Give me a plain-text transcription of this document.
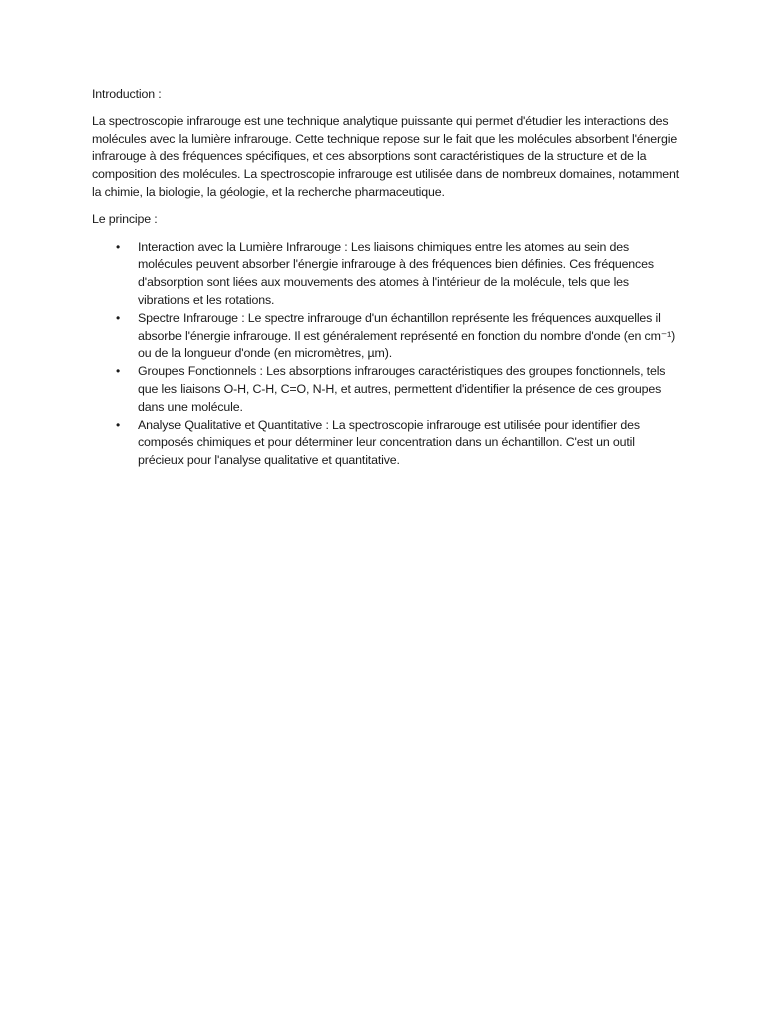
Introduction :

La spectroscopie infrarouge est une technique analytique puissante qui permet d'étudier les interactions des molécules avec la lumière infrarouge. Cette technique repose sur le fait que les molécules absorbent l'énergie infrarouge à des fréquences spécifiques, et ces absorptions sont caractéristiques de la structure et de la composition des molécules. La spectroscopie infrarouge est utilisée dans de nombreux domaines, notamment la chimie, la biologie, la géologie, et la recherche pharmaceutique.

Le principe :

• Interaction avec la Lumière Infrarouge : Les liaisons chimiques entre les atomes au sein des molécules peuvent absorber l'énergie infrarouge à des fréquences bien définies. Ces fréquences d'absorption sont liées aux mouvements des atomes à l'intérieur de la molécule, tels que les vibrations et les rotations.
• Spectre Infrarouge : Le spectre infrarouge d'un échantillon représente les fréquences auxquelles il absorbe l'énergie infrarouge. Il est généralement représenté en fonction du nombre d'onde (en cm⁻¹) ou de la longueur d'onde (en micromètres, µm).
• Groupes Fonctionnels : Les absorptions infrarouges caractéristiques des groupes fonctionnels, tels que les liaisons O-H, C-H, C=O, N-H, et autres, permettent d'identifier la présence de ces groupes dans une molécule.
• Analyse Qualitative et Quantitative : La spectroscopie infrarouge est utilisée pour identifier des composés chimiques et pour déterminer leur concentration dans un échantillon. C'est un outil précieux pour l'analyse qualitative et quantitative.
